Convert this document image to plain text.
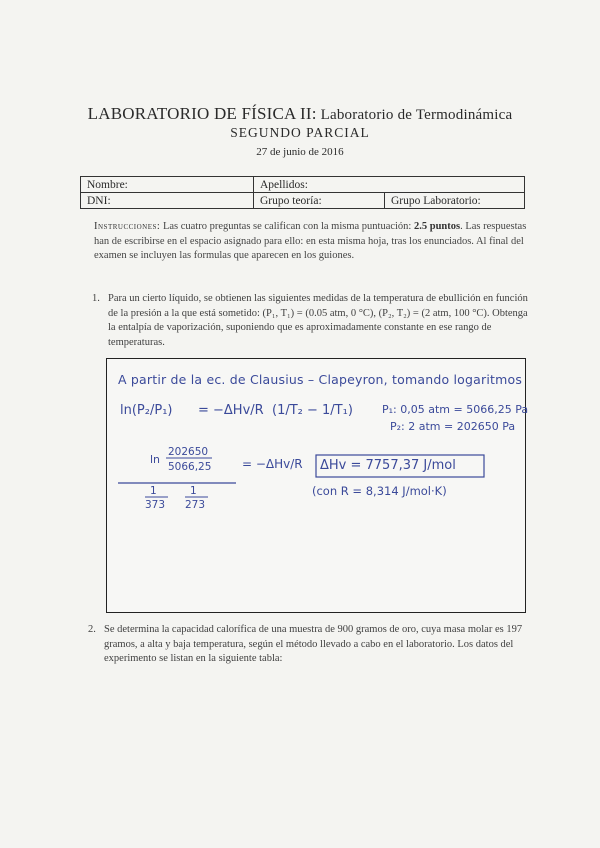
LABORATORIO DE FÍSICA II: Laboratorio de Termodinámica
SEGUNDO PARCIAL
27 de junio de 2016
Nombre:	Apellidos:	
DNI:	Grupo teoría:	Grupo Laboratorio:
Instrucciones: Las cuatro preguntas se califican con la misma puntuación: 2.5 puntos. Las respuestas han de escribirse en el espacio asignado para ello: en esta misma hoja, tras los enunciados. Al final del examen se incluyen las formulas que aparecen en los guiones.
1. Para un cierto líquido, se obtienen las siguientes medidas de la temperatura de ebullición en función de la presión a la que está sometido: (P₁, T₁) = (0.05 atm, 0 °C), (P₂, T₂) = (2 atm, 100 °C). Obtenga la entalpía de vaporización, suponiendo que es aproximadamente constante en ese rango de temperaturas.
A partir de la ec. de Clausius – Clapeyron, tomando logaritmos
ln(P₂/P₁) = −ΔHv/R (1/T₂ − 1/T₁)
ln
202650
5066,25
1
373
1
273
= −ΔHv/R
P₁: 0,05 atm = 5066,25 Pa
P₂: 2 atm = 202650 Pa
ΔHv = 7757,37 J/mol
(con R = 8,314 J/mol·K)
2. Se determina la capacidad calorífica de una muestra de 900 gramos de oro, cuya masa molar es 197 gramos, a alta y baja temperatura, según el método llevado a cabo en el laboratorio. Los datos del experimento se listan en la siguiente tabla:
